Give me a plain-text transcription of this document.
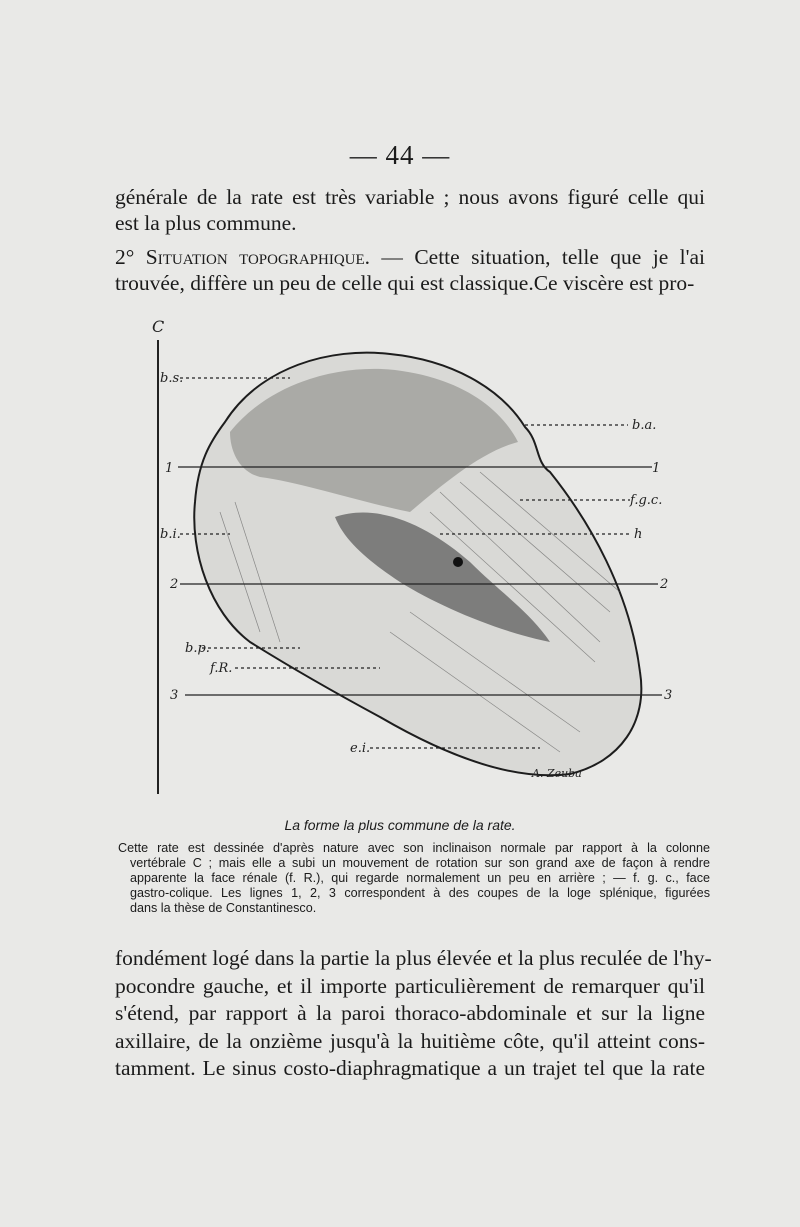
— 44 —
générale de la rate est très variable ; nous avons figuré celle qui
est la plus commune.
2° Situation topographique. — Cette situation, telle que je l'ai
trouvée, diffère un peu de celle qui est classique.Ce viscère est pro-
C
b.s.
1
b.i.
2
b.p.
f.R.
3
e.i.
b.a.
1
f.g.c.
h
2
3
A. Zeuba
La forme la plus commune de la rate.
Cette rate est dessinée d'après nature avec son inclinaison normale par rapport à la colonne
vertébrale C ; mais elle a subi un mouvement de rotation sur son grand axe de façon à rendre
apparente la face rénale (f. R.), qui regarde normalement un peu en arrière ; — f. g. c., face
gastro-colique. Les lignes 1, 2, 3 correspondent à des coupes de la loge splénique, figurées
dans la thèse de Constantinesco.
fondément logé dans la partie la plus élevée et la plus reculée de l'hy-
pocondre gauche, et il importe particulièrement de remarquer qu'il
s'étend, par rapport à la paroi thoraco-abdominale et sur la ligne
axillaire, de la onzième jusqu'à la huitième côte, qu'il atteint cons-
tamment. Le sinus costo-diaphragmatique a un trajet tel que la rate
